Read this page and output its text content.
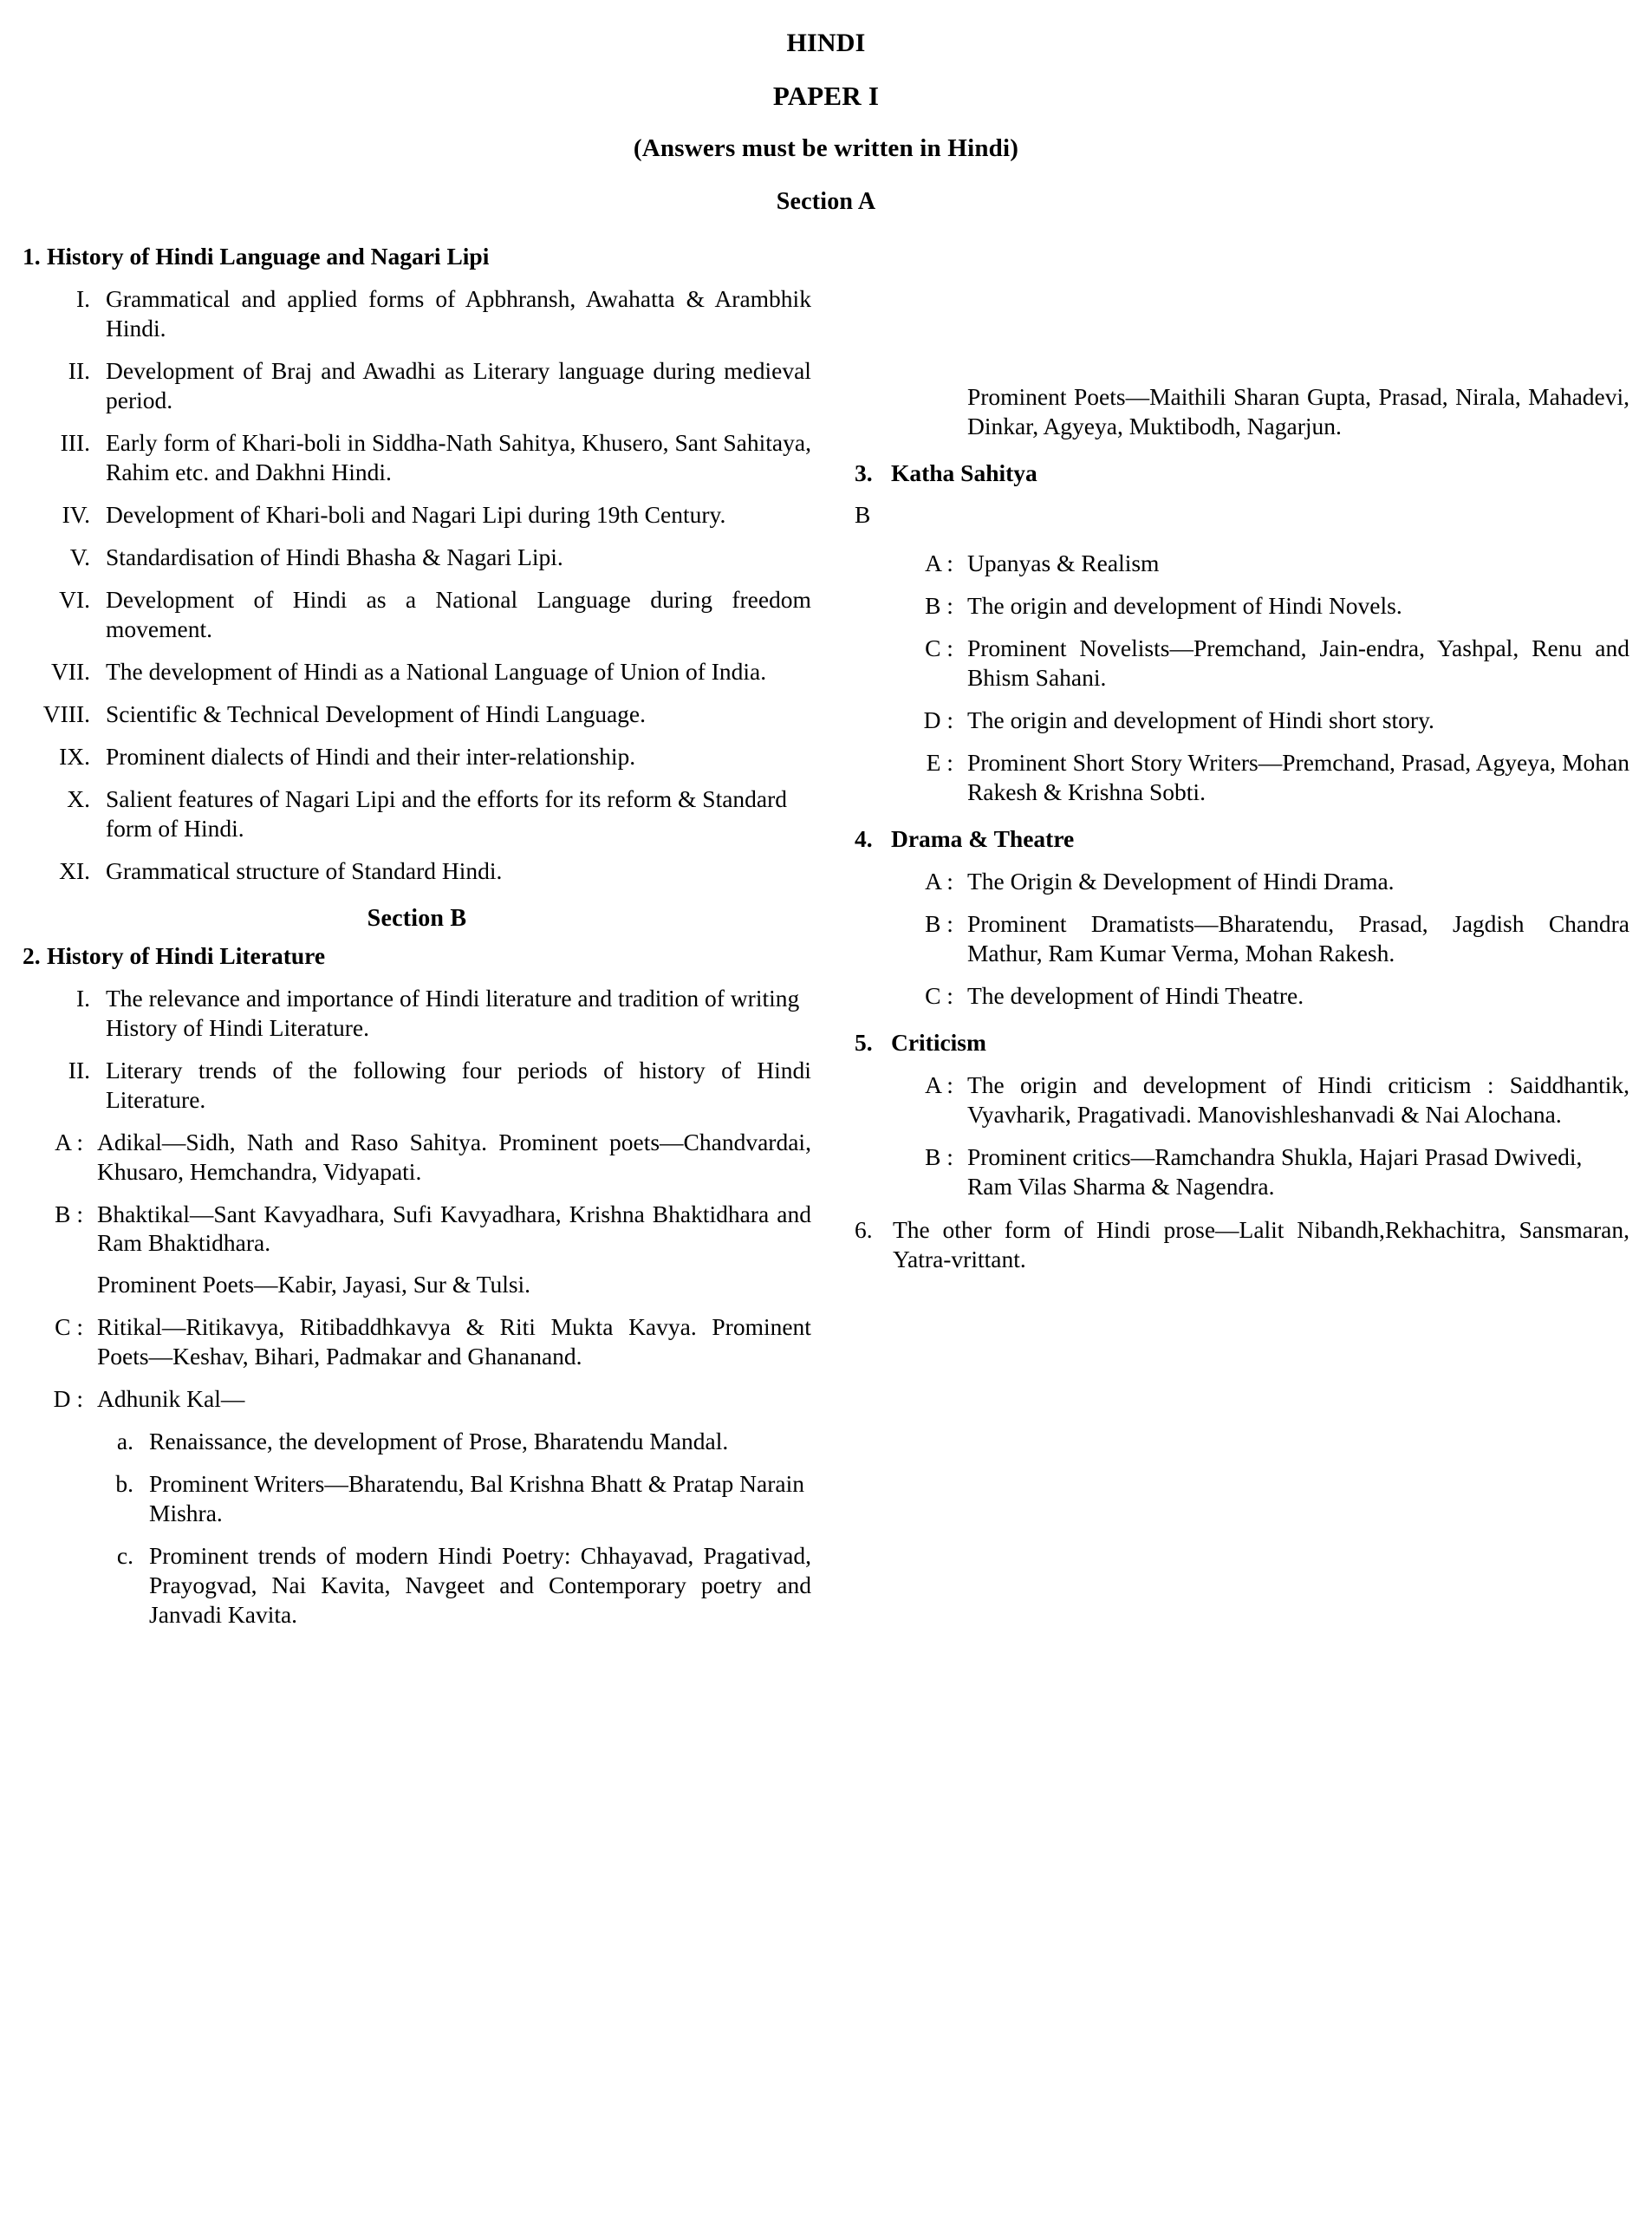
HINDI
PAPER I
(Answers must be written in Hindi)
Section A
1. History of Hindi Language and Nagari Lipi
I. Grammatical and applied forms of Apbhransh, Awahatta & Arambhik Hindi.
II. Development of Braj and Awadhi as Literary language during medieval period.
III. Early form of Khari-boli in Siddha-Nath Sahitya, Khusero, Sant Sahitaya, Rahim etc. and Dakhni Hindi.
IV. Development of Khari-boli and Nagari Lipi during 19th Century.
V. Standardisation of Hindi Bhasha & Nagari Lipi.
VI. Development of Hindi as a National Language during freedom movement.
VII. The development of Hindi as a National Language of Union of India.
VIII. Scientific & Technical Development of Hindi Language.
IX. Prominent dialects of Hindi and their inter-relationship.
X. Salient features of Nagari Lipi and the efforts for its reform & Standard form of Hindi.
XI. Grammatical structure of Standard Hindi.
Section B
2. History of Hindi Literature
I. The relevance and importance of Hindi literature and tradition of writing History of Hindi Literature.
II. Literary trends of the following four periods of history of Hindi Literature.
A : Adikal—Sidh, Nath and Raso Sahitya. Prominent poets—Chandvardai, Khusaro, Hemchandra, Vidyapati.
B : Bhaktikal—Sant Kavyadhara, Sufi Kavyadhara, Krishna Bhaktidhara and Ram Bhaktidhara.
Prominent Poets—Kabir, Jayasi, Sur & Tulsi.
C : Ritikal—Ritikavya, Ritibaddhkavya & Riti Mukta Kavya. Prominent Poets—Keshav, Bihari, Padmakar and Ghananand.
D : Adhunik Kal—
a. Renaissance, the development of Prose, Bharatendu Mandal.
b. Prominent Writers—Bharatendu, Bal Krishna Bhatt & Pratap Narain Mishra.
c. Prominent trends of modern Hindi Poetry: Chhayavad, Pragativad, Prayogvad, Nai Kavita, Navgeet and Contemporary poetry and Janvadi Kavita.
Prominent Poets—Maithili Sharan Gupta, Prasad, Nirala, Mahadevi, Dinkar, Agyeya, Muktibodh, Nagarjun.
3. Katha Sahitya
B
A : Upanyas & Realism
B : The origin and development of Hindi Novels.
C : Prominent Novelists—Premchand, Jain-endra, Yashpal, Renu and Bhism Sahani.
D : The origin and development of Hindi short story.
E : Prominent Short Story Writers—Premchand, Prasad, Agyeya, Mohan Rakesh & Krishna Sobti.
4. Drama & Theatre
A : The Origin & Development of Hindi Drama.
B : Prominent Dramatists—Bharatendu, Prasad, Jagdish Chandra Mathur, Ram Kumar Verma, Mohan Rakesh.
C : The development of Hindi Theatre.
5. Criticism
A : The origin and development of Hindi criticism : Saiddhantik, Vyavharik, Pragativadi. Manovishleshanvadi & Nai Alochana.
B : Prominent critics—Ramchandra Shukla, Hajari Prasad Dwivedi, Ram Vilas Sharma & Nagendra.
6. The other form of Hindi prose—Lalit Nibandh,Rekhachitra, Sansmaran, Yatra-vrittant.
